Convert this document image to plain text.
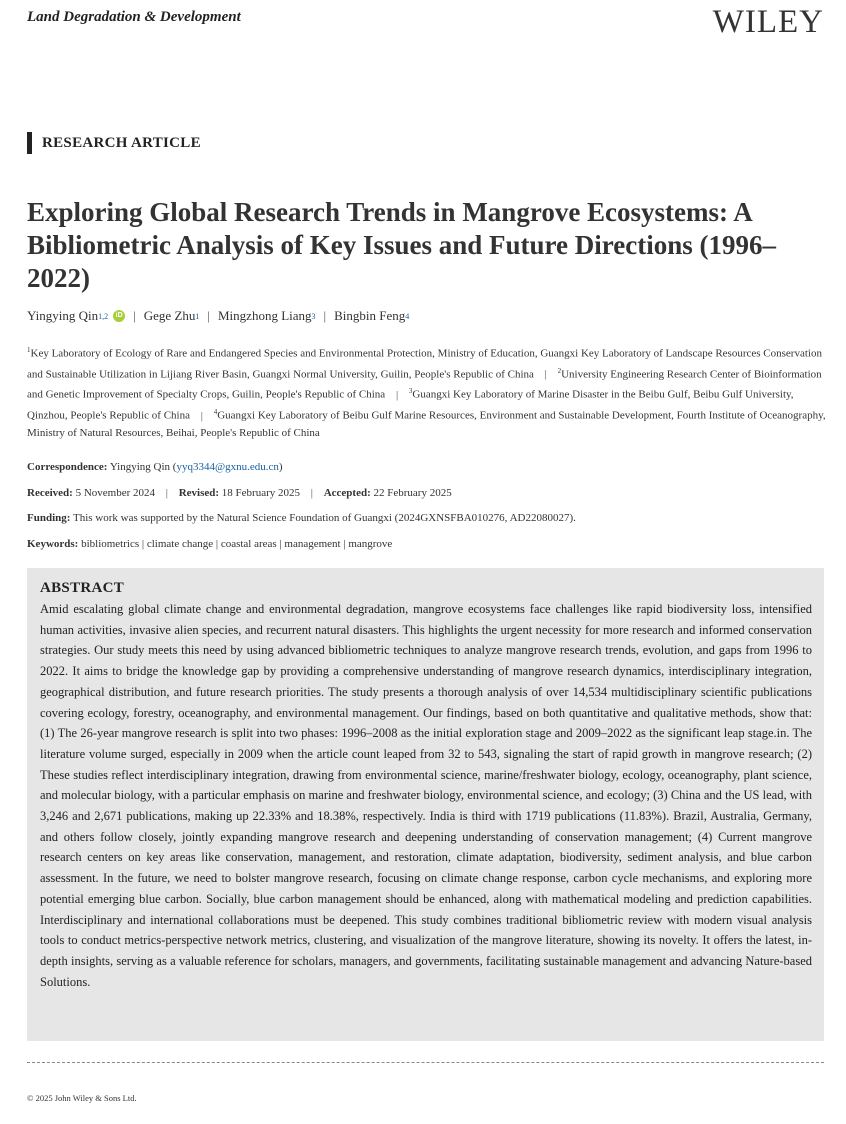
Land Degradation & Development	WILEY
RESEARCH ARTICLE
Exploring Global Research Trends in Mangrove Ecosystems: A Bibliometric Analysis of Key Issues and Future Directions (1996–2022)
Yingying Qin 1,2	iD | Gege Zhu 1 | Mingzhong Liang 3 | Bingbin Feng 4
$^1$Key Laboratory of Ecology of Rare and Endangered Species and Environmental Protection, Ministry of Education, Guangxi Key Laboratory of Landscape Resources Conservation and Sustainable Utilization in Lijiang River Basin, Guangxi Normal University, Guilin, People's Republic of China | $^2$University Engineering Research Center of Bioinformation and Genetic Improvement of Specialty Crops, Guilin, People's Republic of China | $^3$Guangxi Key Laboratory of Marine Disaster in the Beibu Gulf, Beibu Gulf University, Qinzhou, People's Republic of China | $^4$Guangxi Key Laboratory of Beibu Gulf Marine Resources, Environment and Sustainable Development, Fourth Institute of Oceanography, Ministry of Natural Resources, Beihai, People's Republic of China
Correspondence: Yingying Qin (yyq3344@gxnu.edu.cn)
Received: 5 November 2024 | Revised: 18 February 2025 | Accepted: 22 February 2025
Funding: This work was supported by the Natural Science Foundation of Guangxi (2024GXNSFBA010276, AD22080027).
Keywords: bibliometrics | climate change | coastal areas | management | mangrove
ABSTRACT
Amid escalating global climate change and environmental degradation, mangrove ecosystems face challenges like rapid biodiversity loss, intensified human activities, invasive alien species, and recurrent natural disasters. This highlights the urgent necessity for more research and informed conservation strategies. Our study meets this need by using advanced bibliometric techniques to analyze mangrove research trends, evolution, and gaps from 1996 to 2022. It aims to bridge the knowledge gap by providing a comprehensive understanding of mangrove research dynamics, interdisciplinary integration, geographical distribution, and future research priorities. The study presents a thorough analysis of over 14,534 multidisciplinary scientific publications covering ecology, forestry, oceanography, and environmental management. Our findings, based on both quantitative and qualitative methods, show that: (1) The 26-year mangrove research is split into two phases: 1996–2008 as the initial exploration stage and 2009–2022 as the significant leap stage.in. The literature volume surged, especially in 2009 when the article count leaped from 32 to 543, signaling the start of rapid growth in mangrove research; (2) These studies reflect interdisciplinary integration, drawing from environmental science, marine/freshwater biology, ecology, oceanography, plant science, and molecular biology, with a particular emphasis on marine and freshwater biology, environmental science, and ecology; (3) China and the US lead, with 3,246 and 2,671 publications, making up 22.33% and 18.38%, respectively. India is third with 1719 publications (11.83%). Brazil, Australia, Germany, and others follow closely, jointly expanding mangrove research and deepening understanding of conservation management; (4) Current mangrove research centers on key areas like conservation, management, and restoration, climate adaptation, biodiversity, sediment analysis, and blue carbon assessment. In the future, we need to bolster mangrove research, focusing on climate change response, carbon cycle mechanisms, and exploring more potential emerging blue carbon. Socially, blue carbon management should be enhanced, along with mathematical modeling and prediction capabilities. Interdisciplinary and international collaborations must be deepened. This study combines traditional bibliometric review with modern visual analysis tools to conduct metrics-perspective network metrics, clustering, and visualization of the mangrove literature, showing its novelty. It offers the latest, in-depth insights, serving as a valuable reference for scholars, managers, and governments, facilitating sustainable management and advancing Nature-based Solutions.
© 2025 John Wiley & Sons Ltd.
